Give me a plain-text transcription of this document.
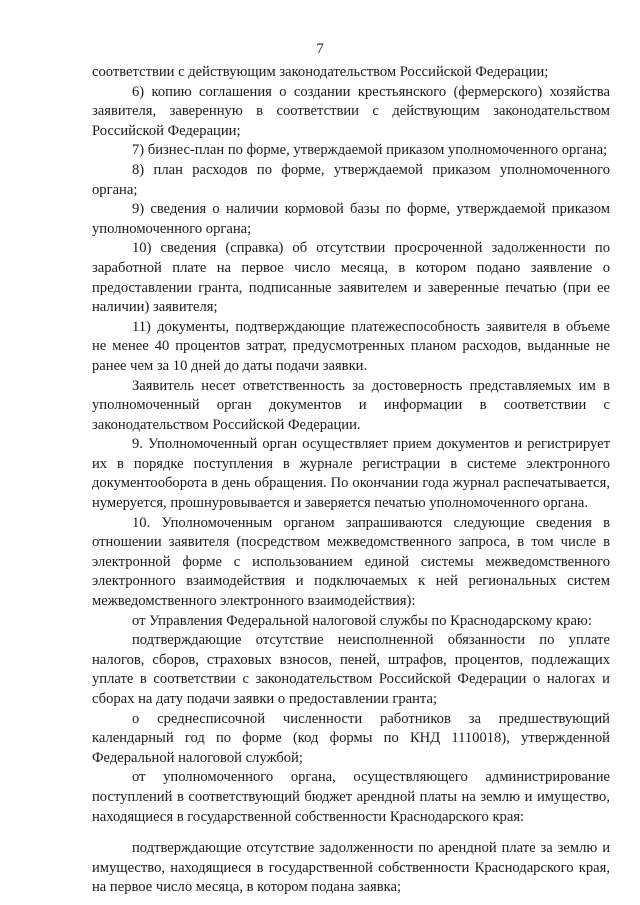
7

соответствии с действующим законодательством Российской Федерации;

6) копию соглашения о создании крестьянского (фермерского) хозяйства заявителя, заверенную в соответствии с действующим законодательством Российской Федерации;

7) бизнес-план по форме, утверждаемой приказом уполномоченного органа;

8) план расходов по форме, утверждаемой приказом уполномоченного органа;

9) сведения о наличии кормовой базы по форме, утверждаемой приказом уполномоченного органа;

10) сведения (справка) об отсутствии просроченной задолженности по заработной плате на первое число месяца, в котором подано заявление о предоставлении гранта, подписанные заявителем и заверенные печатью (при ее наличии) заявителя;

11) документы, подтверждающие платежеспособность заявителя в объеме не менее 40 процентов затрат, предусмотренных планом расходов, выданные не ранее чем за 10 дней до даты подачи заявки.

Заявитель несет ответственность за достоверность представляемых им в уполномоченный орган документов и информации в соответствии с законодательством Российской Федерации.

9. Уполномоченный орган осуществляет прием документов и регистрирует их в порядке поступления в журнале регистрации в системе электронного документооборота в день обращения. По окончании года журнал распечатывается, нумеруется, прошнуровывается и заверяется печатью уполномоченного органа.

10. Уполномоченным органом запрашиваются следующие сведения в отношении заявителя (посредством межведомственного запроса, в том числе в электронной форме с использованием единой системы межведомственного электронного взаимодействия и подключаемых к ней региональных систем межведомственного электронного взаимодействия):

от Управления Федеральной налоговой службы по Краснодарскому краю:

подтверждающие отсутствие неисполненной обязанности по уплате налогов, сборов, страховых взносов, пеней, штрафов, процентов, подлежащих уплате в соответствии с законодательством Российской Федерации о налогах и сборах на дату подачи заявки о предоставлении гранта;

о среднесписочной численности работников за предшествующий календарный год по форме (код формы по КНД 1110018), утвержденной Федеральной налоговой службой;

от уполномоченного органа, осуществляющего администрирование поступлений в соответствующий бюджет арендной платы на землю и имущество, находящиеся в государственной собственности Краснодарского края:

подтверждающие отсутствие задолженности по арендной плате за землю и имущество, находящиеся в государственной собственности Краснодарского края, на первое число месяца, в котором подана заявка;
